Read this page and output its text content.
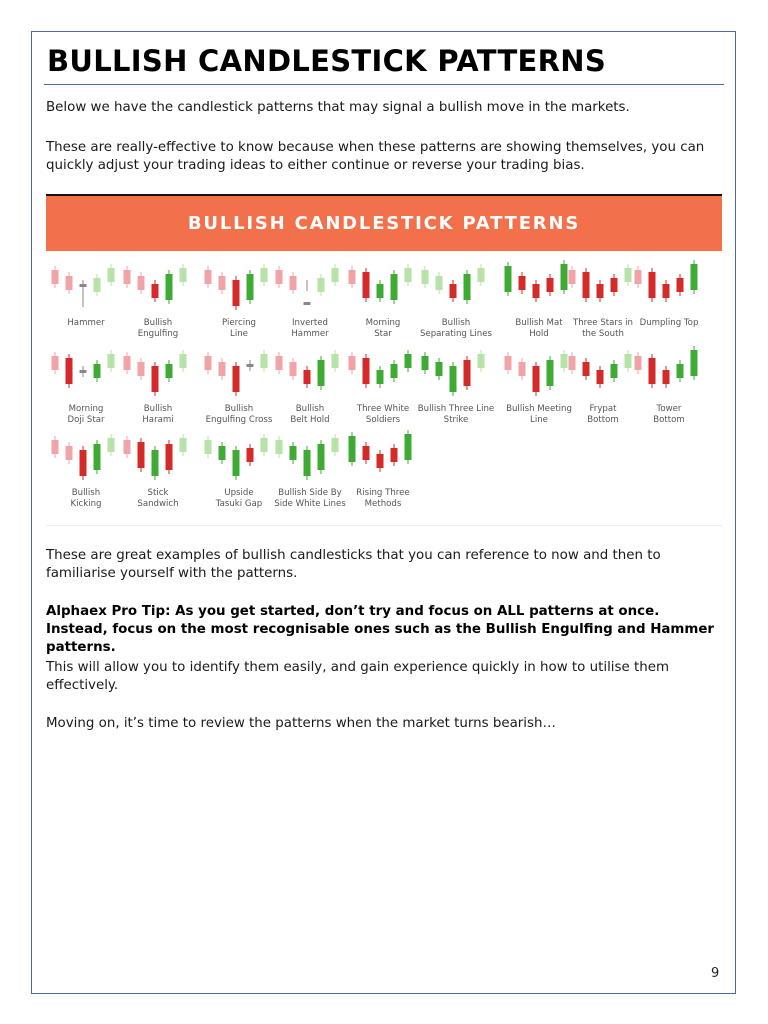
BULLISH CANDLESTICK PATTERNS

Below we have the candlestick patterns that may signal a bullish move in the markets.

These are really-effective to know because when these patterns are showing themselves, you can quickly adjust your trading ideas to either continue or reverse your trading bias.

BULLISH CANDLESTICK PATTERNS
Hammer	Bullish
Engulfing
Piercing
Line
Inverted
Hammer
Morning
Star
Bullish
Separating Lines
Bullish Mat
Hold
Three Stars in
the South
Dumpling Top
Morning
Doji Star
Bullish
Harami
Bullish
Engulfing Cross
Bullish
Belt Hold
Three White
Soldiers
Bullish Three Line
Strike
Bullish Meeting
Line
Frypat
Bottom
Tower
Bottom
Bullish
Kicking
Stick
Sandwich
Upside
Tasuki Gap
Bullish Side By
Side White Lines
Rising Three
Methods

These are great examples of bullish candlesticks that you can reference to now and then to familiarise yourself with the patterns.

Alphaex Pro Tip: As you get started, don’t try and focus on ALL patterns at once. Instead, focus on the most recognisable ones such as the Bullish Engulfing and Hammer patterns.

This will allow you to identify them easily, and gain experience quickly in how to utilise them effectively.

Moving on, it’s time to review the patterns when the market turns bearish…

9
